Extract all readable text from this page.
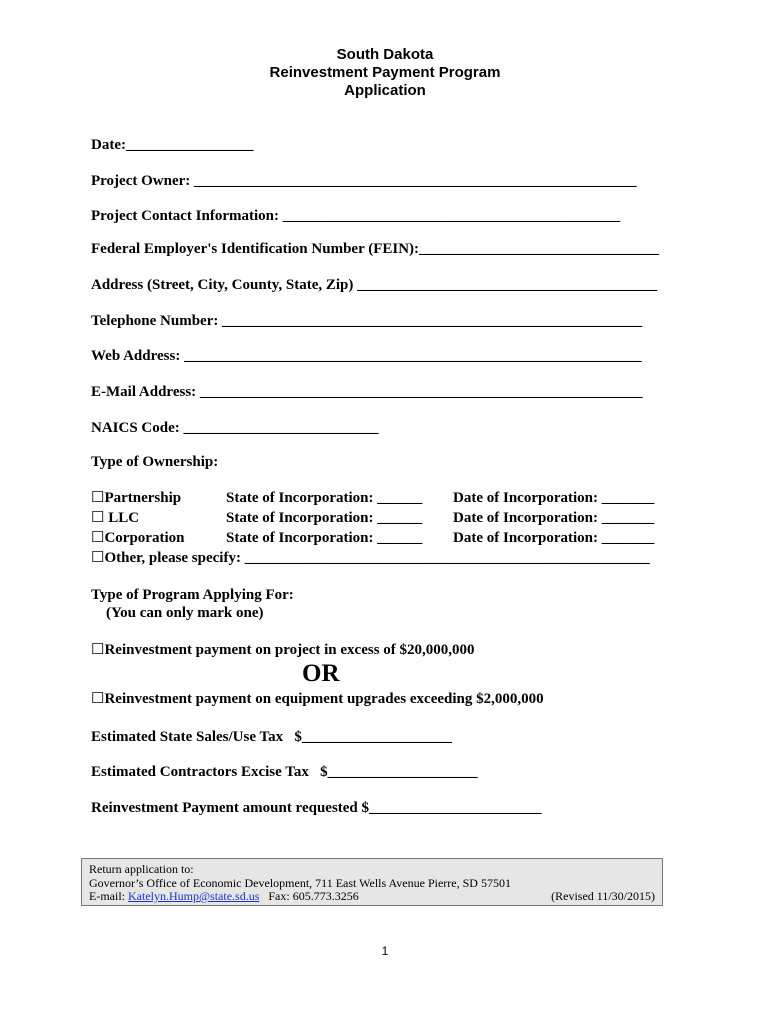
South Dakota
Reinvestment Payment Program
Application
Date:_________________
Project Owner: ___________________________________________________________
Project Contact Information: _____________________________________________
Federal Employer's Identification Number (FEIN):________________________________
Address (Street, City, County, State, Zip) ________________________________________
Telephone Number: ________________________________________________________
Web Address: _____________________________________________________________
E-Mail Address: ___________________________________________________________
NAICS Code: __________________________
Type of Ownership:
☐Partnership	State of Incorporation: ______ Date of Incorporation: _______
☐ LLC	State of Incorporation: ______ Date of Incorporation: _______
☐Corporation	State of Incorporation: ______ Date of Incorporation: _______
☐Other, please specify: ______________________________________________________
Type of Program Applying For:
(You can only mark one)
☐Reinvestment payment on project in excess of $20,000,000
OR
☐Reinvestment payment on equipment upgrades exceeding $2,000,000
Estimated State Sales/Use Tax   $____________________
Estimated Contractors Excise Tax   $____________________
Reinvestment Payment amount requested $_______________________
Return application to:
Governor’s Office of Economic Development, 711 East Wells Avenue Pierre, SD 57501
E-mail: Katelyn.Hump@state.sd.us   Fax: 605.773.3256	(Revised 11/30/2015)
1
